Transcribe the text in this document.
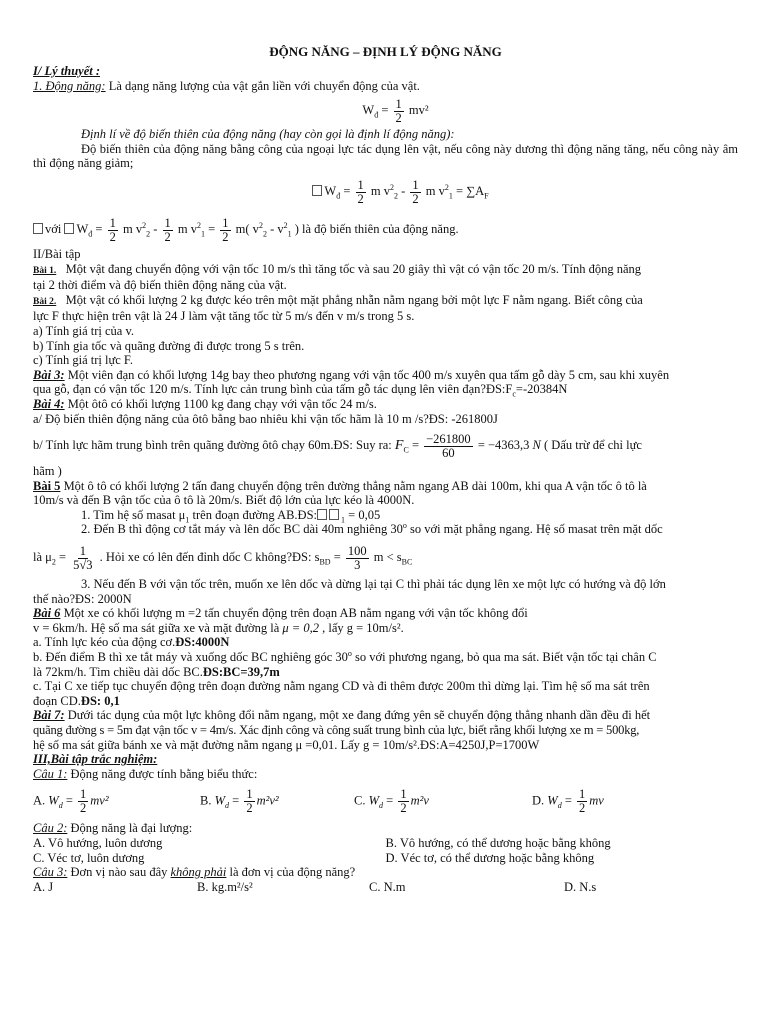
ĐỘNG NĂNG – ĐỊNH LÝ ĐỘNG NĂNG
I/ Lý thuyết :
1. Động năng: Là dạng năng lượng của vật gắn liền với chuyển động của vật.
$W_đ = \frac{1}{2} mv^2$
Định lí về độ biến thiên của động năng (hay còn gọi là định lí động năng):
Độ biến thiên của động năng bằng công của ngoại lực tác dụng lên vật, nếu công này dương thì động năng tăng, nếu công này âm thì động năng giảm;
$W_đ = \frac{1}{2}$ m $v^2_2 - \frac{1}{2}$ m $v^2_1 = \sum A_F$
với $W_đ = \frac{1}{2}$ m $v^2_2 - \frac{1}{2}$ m $v^2_1 = \frac{1}{2} m$( $v^2_2 - v^2_1$ ) là độ biến thiên của động năng.
II/Bài tập
Bài 1. Một vật đang chuyển động với vận tốc 10 m/s thì tăng tốc và sau 20 giây thì vật có vận tốc 20 m/s. Tính động năng
tại 2 thời điểm và độ biến thiên động năng của vật.
Bài 2. Một vật có khối lượng 2 kg được kéo trên một mặt phẳng nhẵn nằm ngang bởi một lực F nằm ngang. Biết công của
lực F thực hiện trên vật là 24 J làm vật tăng tốc từ 5 m/s đến v m/s trong 5 s.
a) Tính giá trị của v.
b) Tính gia tốc và quãng đường đi được trong 5 s trên.
c) Tính giá trị lực F.
Bài 3: Một viên đạn có khối lượng 14g bay theo phương ngang với vận tốc 400 m/s xuyên qua tấm gỗ dày 5 cm, sau khi xuyên
qua gỗ, đạn có vận tốc 120 m/s. Tính lực cản trung bình của tấm gỗ tác dụng lên viên $đạn?ĐS:F_c=-20384N$
Bài 4: Một ôtô có khối lượng 1100 kg đang chạy với vận tốc 24 m/s.
a/ Độ biến thiên động năng của ôtô bằng bao nhiêu khi vận tốc hãm là 10 m /s?ĐS: -261800J
b/ Tính lực hãm trung bình trên quãng đường ôtô chạy 60m.ĐS: Suy ra: $F_C = \frac{-261800}{60} = -4363,3$ N ( Dấu trừ để chỉ lực
hãm )
Bài 5 Một ô tô có khối lượng 2 tấn đang chuyển động trên đường thẳng nằm ngang AB dài 100m, khi qua A vận tốc ô tô là
10m/s và đến B vận tốc của ô tô là 20m/s. Biết độ lớn của lực kéo là 4000N.
1. Tìm hệ số masat $\mu_1$ trên đoạn đường AB.ĐS:	$_1$ = 0,05
2. Đến B thì động cơ tắt máy và lên dốc BC dài 40m nghiêng 30$^o$ so với mặt phẳng ngang. Hệ số masat trên mặt dốc
là $\mu_2 = \frac{1}{5√3}$ . Hỏi xe có lên đến đỉnh dốc C không?ĐS: $s_{BD} = \frac{100}{3}$ $m < s_{BC}$
3. Nếu đến B với vận tốc trên, muốn xe lên dốc và dừng lại tại C thì phải tác dụng lên xe một lực có hướng và độ lớn
thế nào?ĐS: 2000N
Bài 6 Một xe có khối lượng m =2 tấn chuyển động trên đoạn AB nằm ngang với vận tốc không đổi
v = 6km/h. Hệ số ma sát giữa xe và mặt đường là μ = 0,2 , lấy g = 10m/s².
a. Tính lực kéo của động cơ.ĐS:4000N
b. Đến điểm B thì xe tắt máy và xuống dốc BC nghiêng góc 30$^o$ so với phương ngang, bỏ qua ma sát. Biết vận tốc tại chân C
là 72km/h. Tìm chiều dài dốc BC.ĐS:BC=39,7m
c. Tại C xe tiếp tục chuyển động trên đoạn đường nằm ngang CD và đi thêm được 200m thì dừng lại. Tìm hệ số ma sát trên
đoạn CD.ĐS: 0,1
Bài 7: Dưới tác dụng của một lực không đổi nằm ngang, một xe đang đứng yên sẽ chuyển động thẳng nhanh dần đều đi hết
quãng đường s = 5m đạt vận tốc v = 4m/s. Xác định công và công suất trung bình của lực, biết rằng khối lượng xe m = 500kg,
hệ số ma sát giữa bánh xe và mặt đường nằm ngang μ =0,01. Lấy g = 10m/s².ĐS:A=4250J,P=1700W
III,Bài tập trắc nghiệm:
Câu 1: Động năng được tính bằng biểu thức:
A. $W_d = \frac{1}{2} mv^2$	B. $W_d = \frac{1}{2} m^2v^2$	C. $W_d = \frac{1}{2} m^2v$	D. $W_d = \frac{1}{2}$ mv
Câu 2: Động năng là đại lượng:
A. Vô hướng, luôn dương	B. Vô hướng, có thể dương hoặc bằng không
C. Véc tơ, luôn dương	D. Véc tơ, có thể dương hoặc bằng không
Câu 3: Đơn vị nào sau đây không phải là đơn vị của động năng?
A. J	B. kg.m²/s²	C. N.m	D. N.s
